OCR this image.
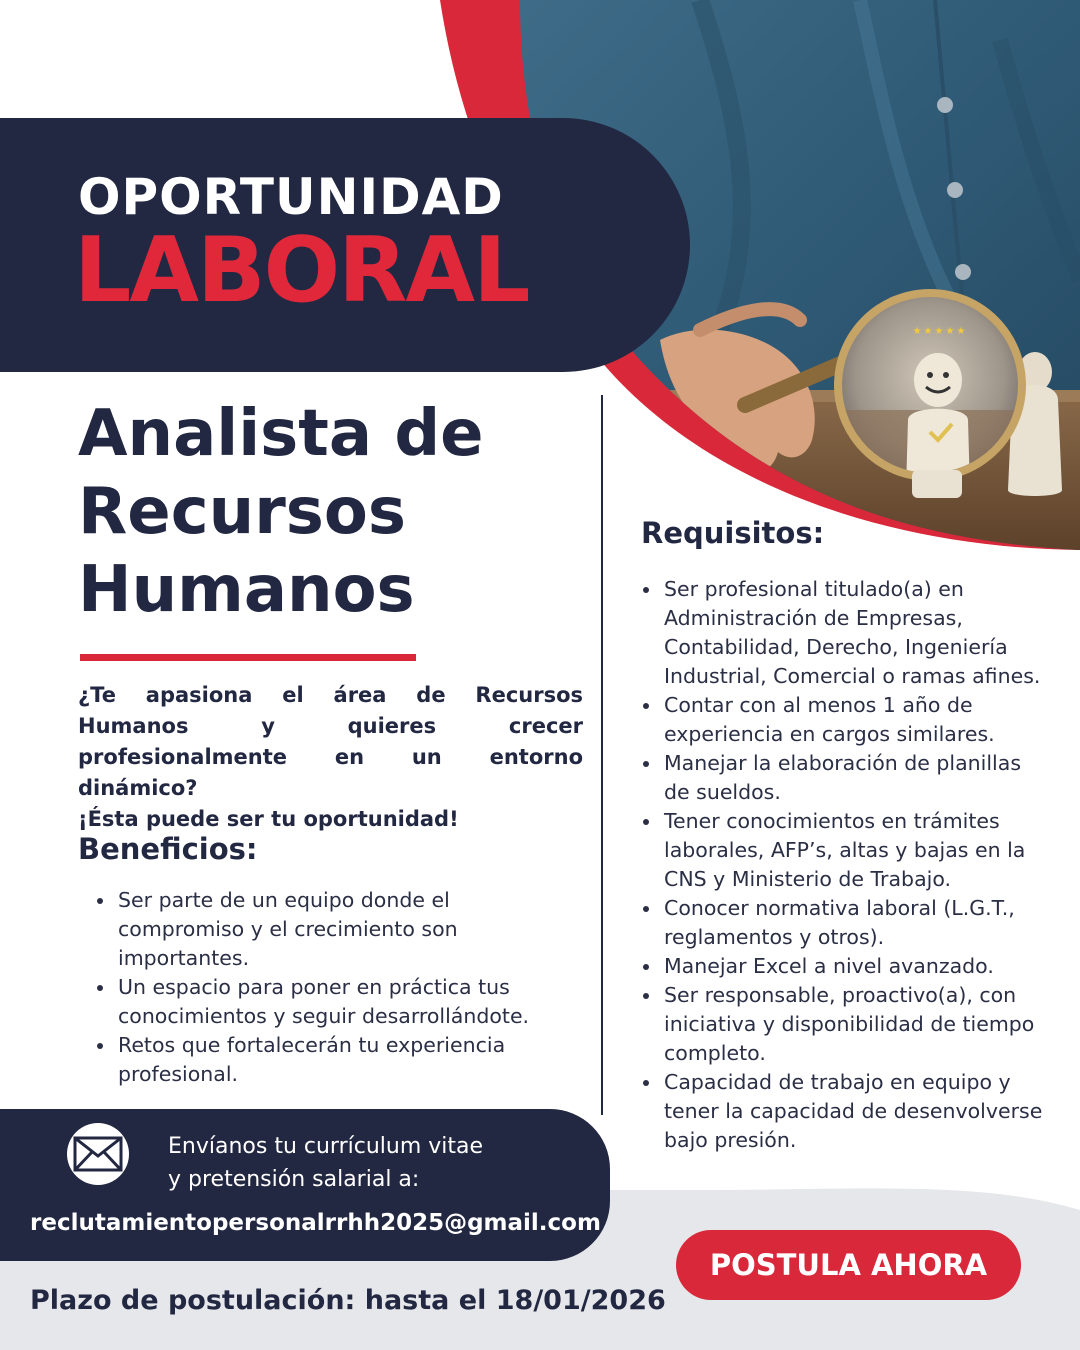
★★★★★
OPORTUNIDAD
LABORAL
Analista de
Recursos
Humanos

¿Te apasiona el área de Recursos Humanos y quieres crecer profesionalmente en un entorno dinámico?

¡Ésta puede ser tu oportunidad!

Beneficios:
Ser parte de un equipo donde el compromiso y el crecimiento son importantes.
Un espacio para poner en práctica tus conocimientos y seguir desarrollándote.
Retos que fortalecerán tu experiencia profesional.
Requisitos:
Ser profesional titulado(a) en Administración de Empresas, Contabilidad, Derecho, Ingeniería Industrial, Comercial o ramas afines.
Contar con al menos 1 año de experiencia en cargos similares.
Manejar la elaboración de planillas de sueldos.
Tener conocimientos en trámites laborales, AFP’s, altas y bajas en la CNS y Ministerio de Trabajo.
Conocer normativa laboral (L.G.T., reglamentos y otros).
Manejar Excel a nivel avanzado.
Ser responsable, proactivo(a), con iniciativa y disponibilidad de tiempo completo.
Capacidad de trabajo en equipo y tener la capacidad de desenvolverse bajo presión.
Envíanos tu currículum vitae
y pretensión salarial a:
reclutamientopersonalrrhh2025@gmail.com
Plazo de postulación: hasta el 18/01/2026
POSTULA AHORA
